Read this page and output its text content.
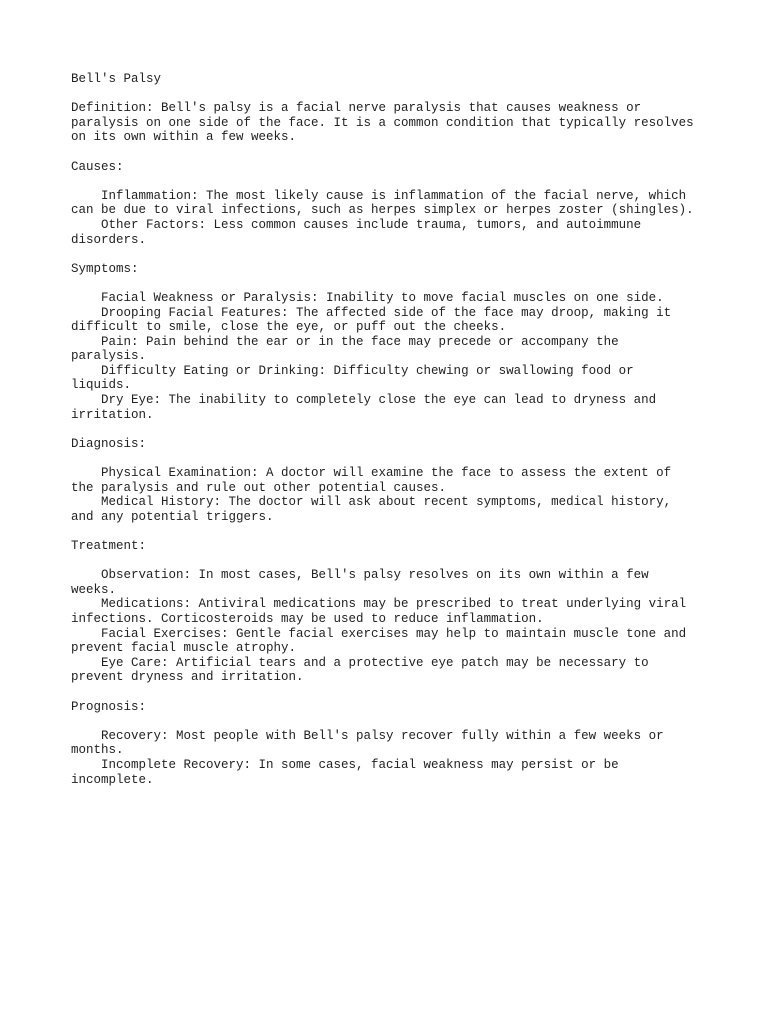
Bell's Palsy
Definition: Bell's palsy is a facial nerve paralysis that causes weakness or
paralysis on one side of the face. It is a common condition that typically resolves
on its own within a few weeks.
Causes:
Inflammation: The most likely cause is inflammation of the facial nerve, which
can be due to viral infections, such as herpes simplex or herpes zoster (shingles).
Other Factors: Less common causes include trauma, tumors, and autoimmune
disorders.
Symptoms:
Facial Weakness or Paralysis: Inability to move facial muscles on one side.
Drooping Facial Features: The affected side of the face may droop, making it
difficult to smile, close the eye, or puff out the cheeks.
Pain: Pain behind the ear or in the face may precede or accompany the
paralysis.
Difficulty Eating or Drinking: Difficulty chewing or swallowing food or
liquids.
Dry Eye: The inability to completely close the eye can lead to dryness and
irritation.
Diagnosis:
Physical Examination: A doctor will examine the face to assess the extent of
the paralysis and rule out other potential causes.
Medical History: The doctor will ask about recent symptoms, medical history,
and any potential triggers.
Treatment:
Observation: In most cases, Bell's palsy resolves on its own within a few
weeks.
Medications: Antiviral medications may be prescribed to treat underlying viral
infections. Corticosteroids may be used to reduce inflammation.
Facial Exercises: Gentle facial exercises may help to maintain muscle tone and
prevent facial muscle atrophy.
Eye Care: Artificial tears and a protective eye patch may be necessary to
prevent dryness and irritation.
Prognosis:
Recovery: Most people with Bell's palsy recover fully within a few weeks or
months.
Incomplete Recovery: In some cases, facial weakness may persist or be
incomplete.
